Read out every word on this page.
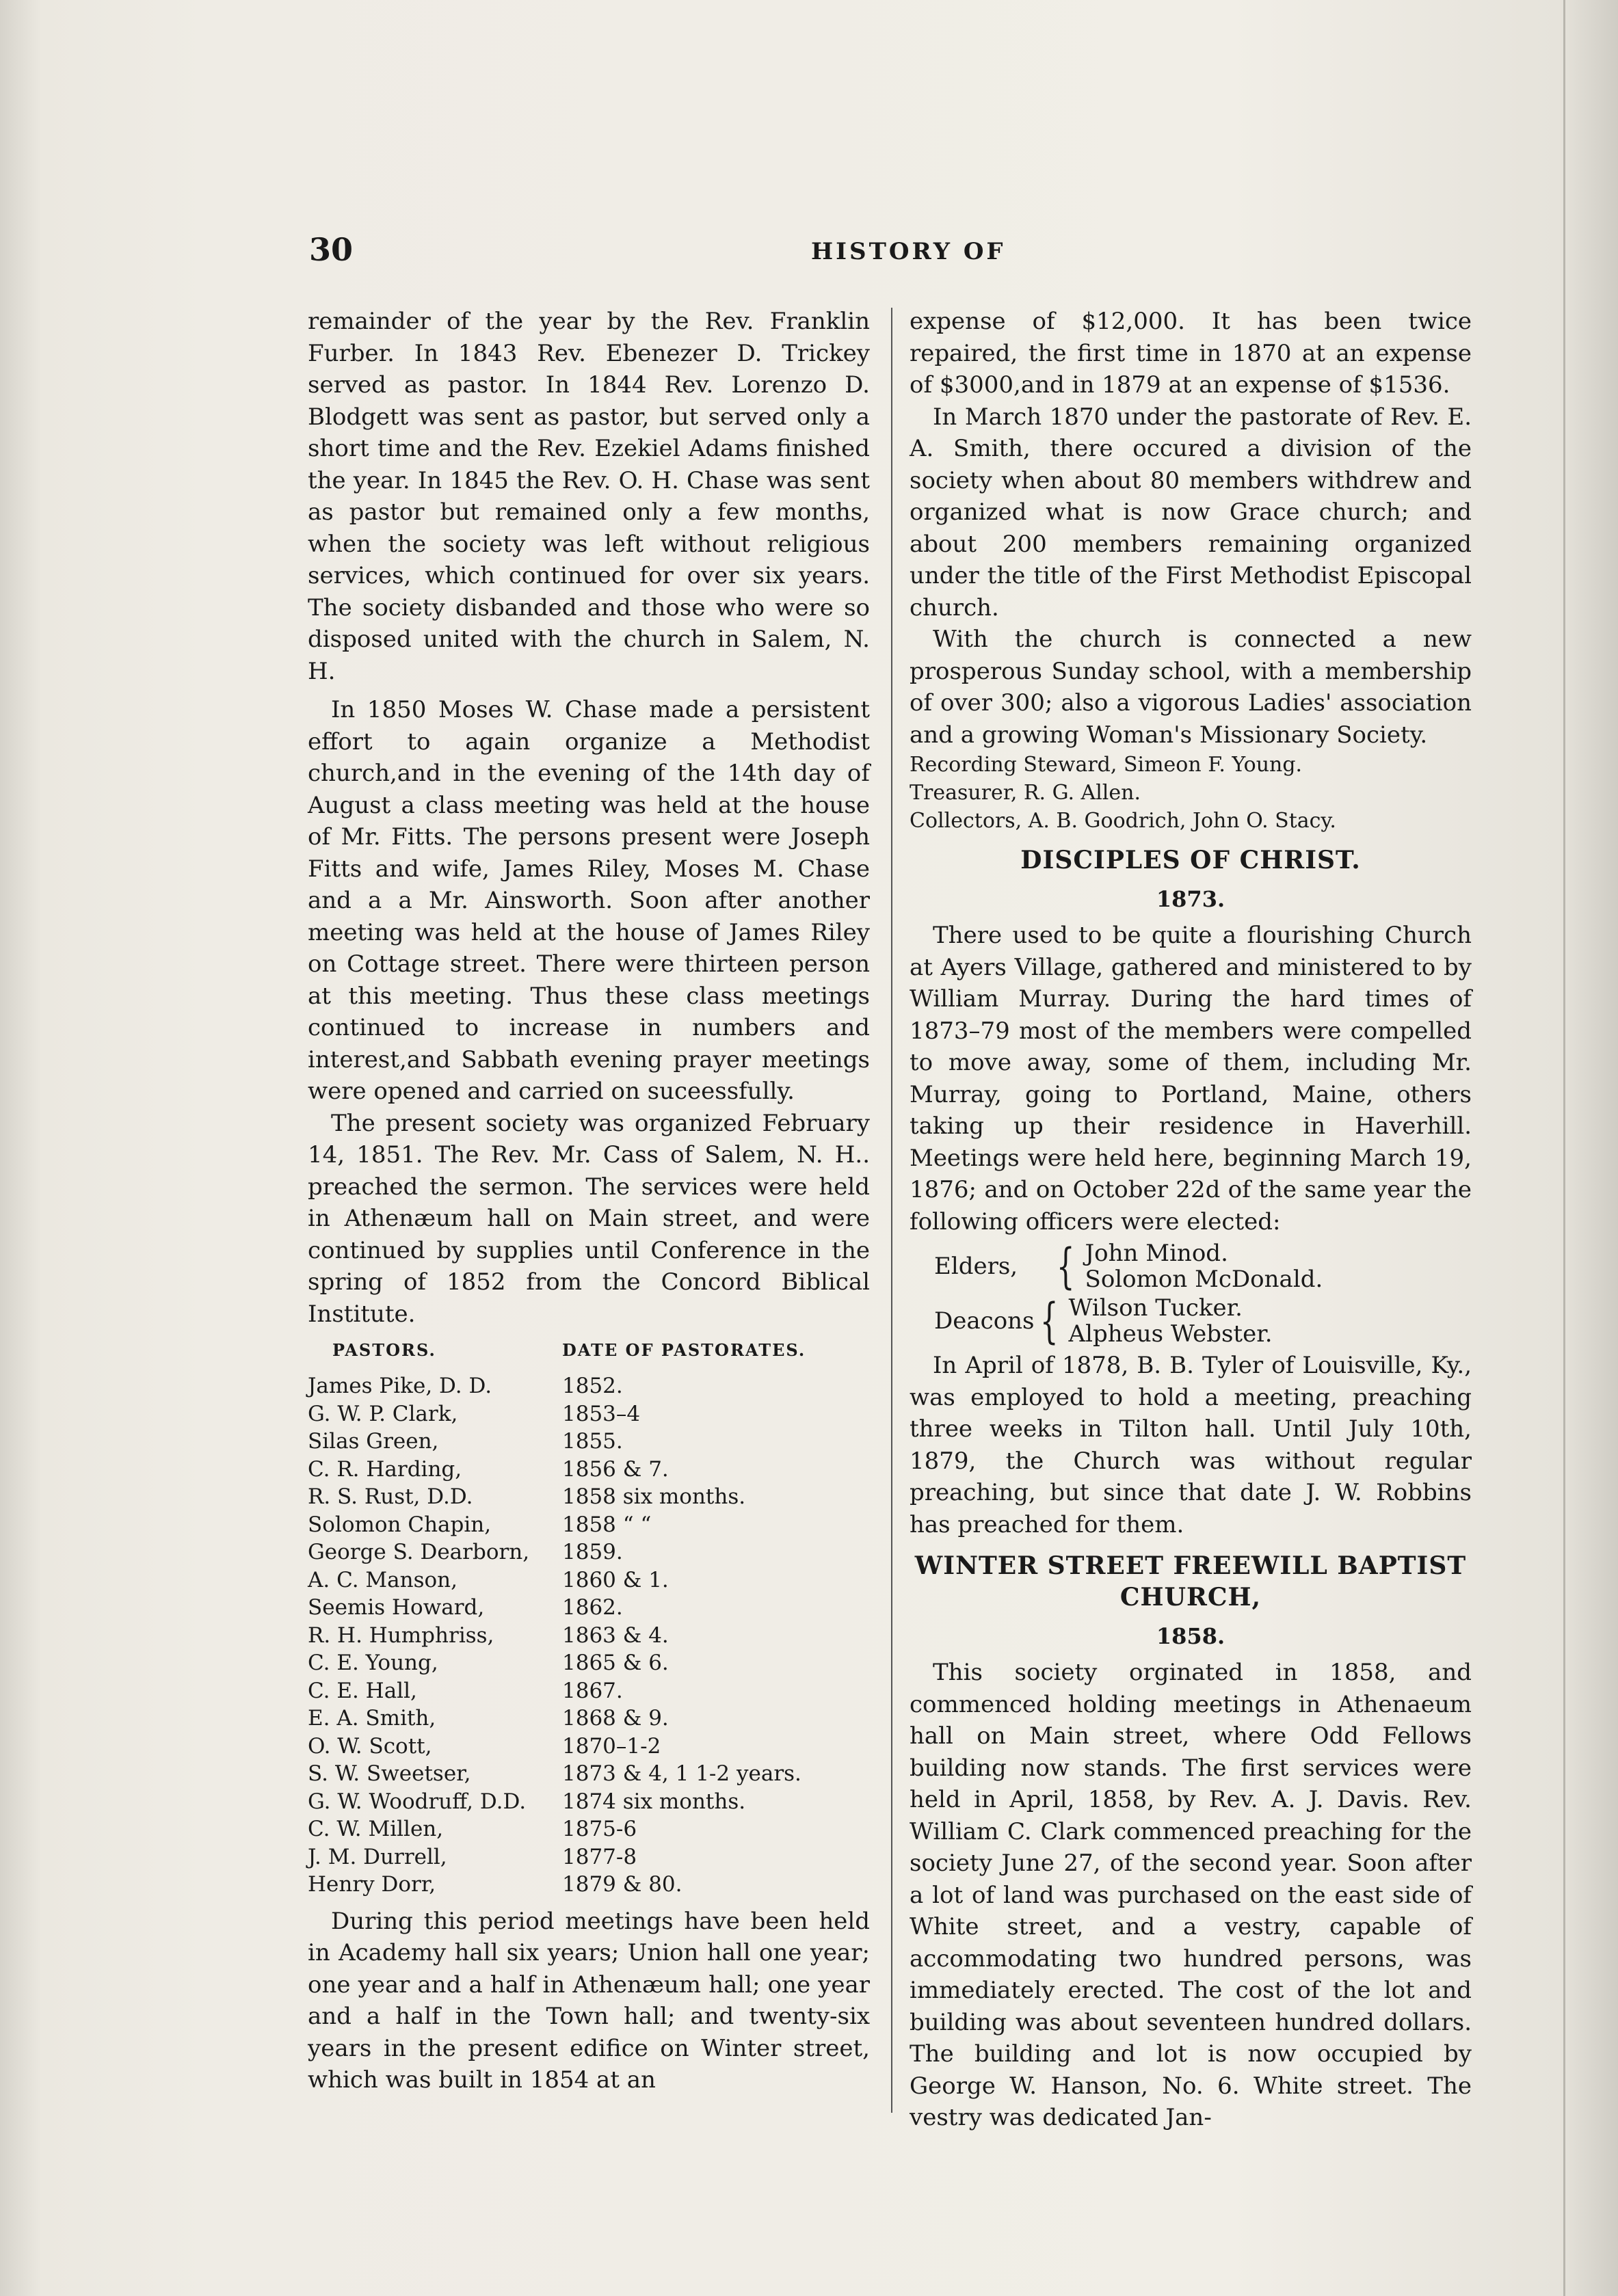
30	HISTORY OF

remainder of the year by the Rev. Franklin Furber. In 1843 Rev. Ebenezer D. Trickey served as pastor. In 1844 Rev. Lorenzo D. Blodgett was sent as pastor, but served only a short time and the Rev. Ezekiel Adams finished the year. In 1845 the Rev. O. H. Chase was sent as pastor but remained only a few months, when the society was left without religious services, which continued for over six years. The society disbanded and those who were so disposed united with the church in Salem, N. H.

In 1850 Moses W. Chase made a persistent effort to again organize a Methodist church,and in the evening of the 14th day of August a class meeting was held at the house of Mr. Fitts. The persons present were Joseph Fitts and wife, James Riley, Moses M. Chase and a a Mr. Ainsworth. Soon after another meeting was held at the house of James Riley on Cottage street. There were thirteen person at this meeting. Thus these class meetings continued to increase in numbers and interest,and Sabbath evening prayer meetings were opened and carried on suceessfully.

The present society was organized February 14, 1851. The Rev. Mr. Cass of Salem, N. H.. preached the sermon. The services were held in Athenæum hall on Main street, and were continued by supplies until Conference in the spring of 1852 from the Concord Biblical Institute.

PASTORS.	DATE OF PASTORATES.
James Pike, D. D.	1852.
G. W. P. Clark,	1853–4
Silas Green,	1855.
C. R. Harding,	1856 & 7.
R. S. Rust, D.D.	1858 six months.
Solomon Chapin,	1858 “ “
George S. Dearborn,	1859.
A. C. Manson,	1860 & 1.
Seemis Howard,	1862.
R. H. Humphriss,	1863 & 4.
C. E. Young,	1865 & 6.
C. E. Hall,	1867.
E. A. Smith,	1868 & 9.
O. W. Scott,	1870–1-2
S. W. Sweetser,	1873 & 4, 1 1-2 years.
G. W. Woodruff, D.D.	1874 six months.
C. W. Millen,	1875-6
J. M. Durrell,	1877-8
Henry Dorr,	1879 & 80.

During this period meetings have been held in Academy hall six years; Union hall one year; one year and a half in Athenæum hall; one year and a half in the Town hall; and twenty-six years in the present edifice on Winter street, which was built in 1854 at an

expense of $12,000. It has been twice repaired, the first time in 1870 at an expense of $3000,and in 1879 at an expense of $1536.

In March 1870 under the pastorate of Rev. E. A. Smith, there occured a division of the society when about 80 members withdrew and organized what is now Grace church; and about 200 members remaining organized under the title of the First Methodist Episcopal church.

With the church is connected a new prosperous Sunday school, with a membership of over 300; also a vigorous Ladies' association and a growing Woman's Missionary Society.

Recording Steward, Simeon F. Young.

Treasurer, R. G. Allen.

Collectors, A. B. Goodrich, John O. Stacy.

DISCIPLES OF CHRIST.
1873.

There used to be quite a flourishing Church at Ayers Village, gathered and ministered to by William Murray. During the hard times of 1873–79 most of the members were compelled to move away, some of them, including Mr. Murray, going to Portland, Maine, others taking up their residence in Haverhill. Meetings were held here, beginning March 19, 1876; and on October 22d of the same year the following officers were elected:

Elders, { John Minod.
Solomon McDonald.
Deacons { Wilson Tucker.
Alpheus Webster.

In April of 1878, B. B. Tyler of Louisville, Ky., was employed to hold a meeting, preaching three weeks in Tilton hall. Until July 10th, 1879, the Church was without regular preaching, but since that date J. W. Robbins has preached for them.

WINTER STREET FREEWILL BAPTIST CHURCH,
1858.

This society orginated in 1858, and commenced holding meetings in Athenaeum hall on Main street, where Odd Fellows building now stands. The first services were held in April, 1858, by Rev. A. J. Davis. Rev. William C. Clark commenced preaching for the society June 27, of the second year. Soon after a lot of land was purchased on the east side of White street, and a vestry, capable of accommodating two hundred persons, was immediately erected. The cost of the lot and building was about seventeen hundred dollars. The building and lot is now occupied by George W. Hanson, No. 6. White street. The vestry was dedicated Jan-
